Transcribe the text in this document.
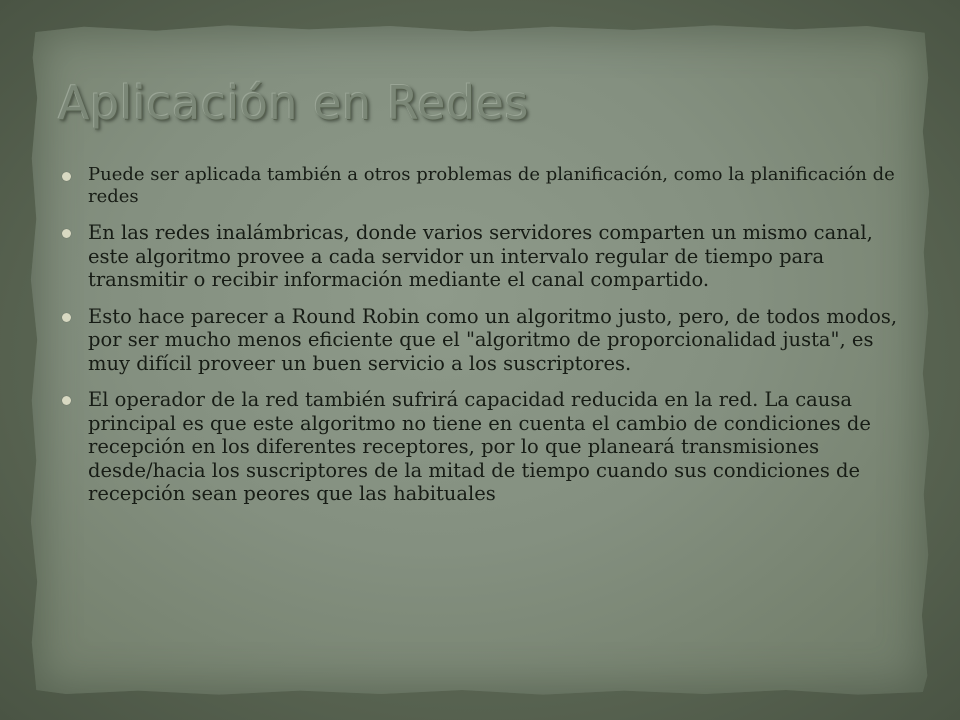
Aplicación en Redes
Puede ser aplicada también a otros problemas de planificación, como la planificación de redes
En las redes inalámbricas, donde varios servidores comparten un mismo canal, este algoritmo provee a cada servidor un intervalo regular de tiempo para transmitir o recibir información mediante el canal compartido.
Esto hace parecer a Round Robin como un algoritmo justo, pero, de todos modos, por ser mucho menos eficiente que el "algoritmo de proporcionalidad justa", es muy difícil proveer un buen servicio a los suscriptores.
El operador de la red también sufrirá capacidad reducida en la red. La causa principal es que este algoritmo no tiene en cuenta el cambio de condiciones de recepción en los diferentes receptores, por lo que planeará transmisiones desde/hacia los suscriptores de la mitad de tiempo cuando sus condiciones de recepción sean peores que las habituales
